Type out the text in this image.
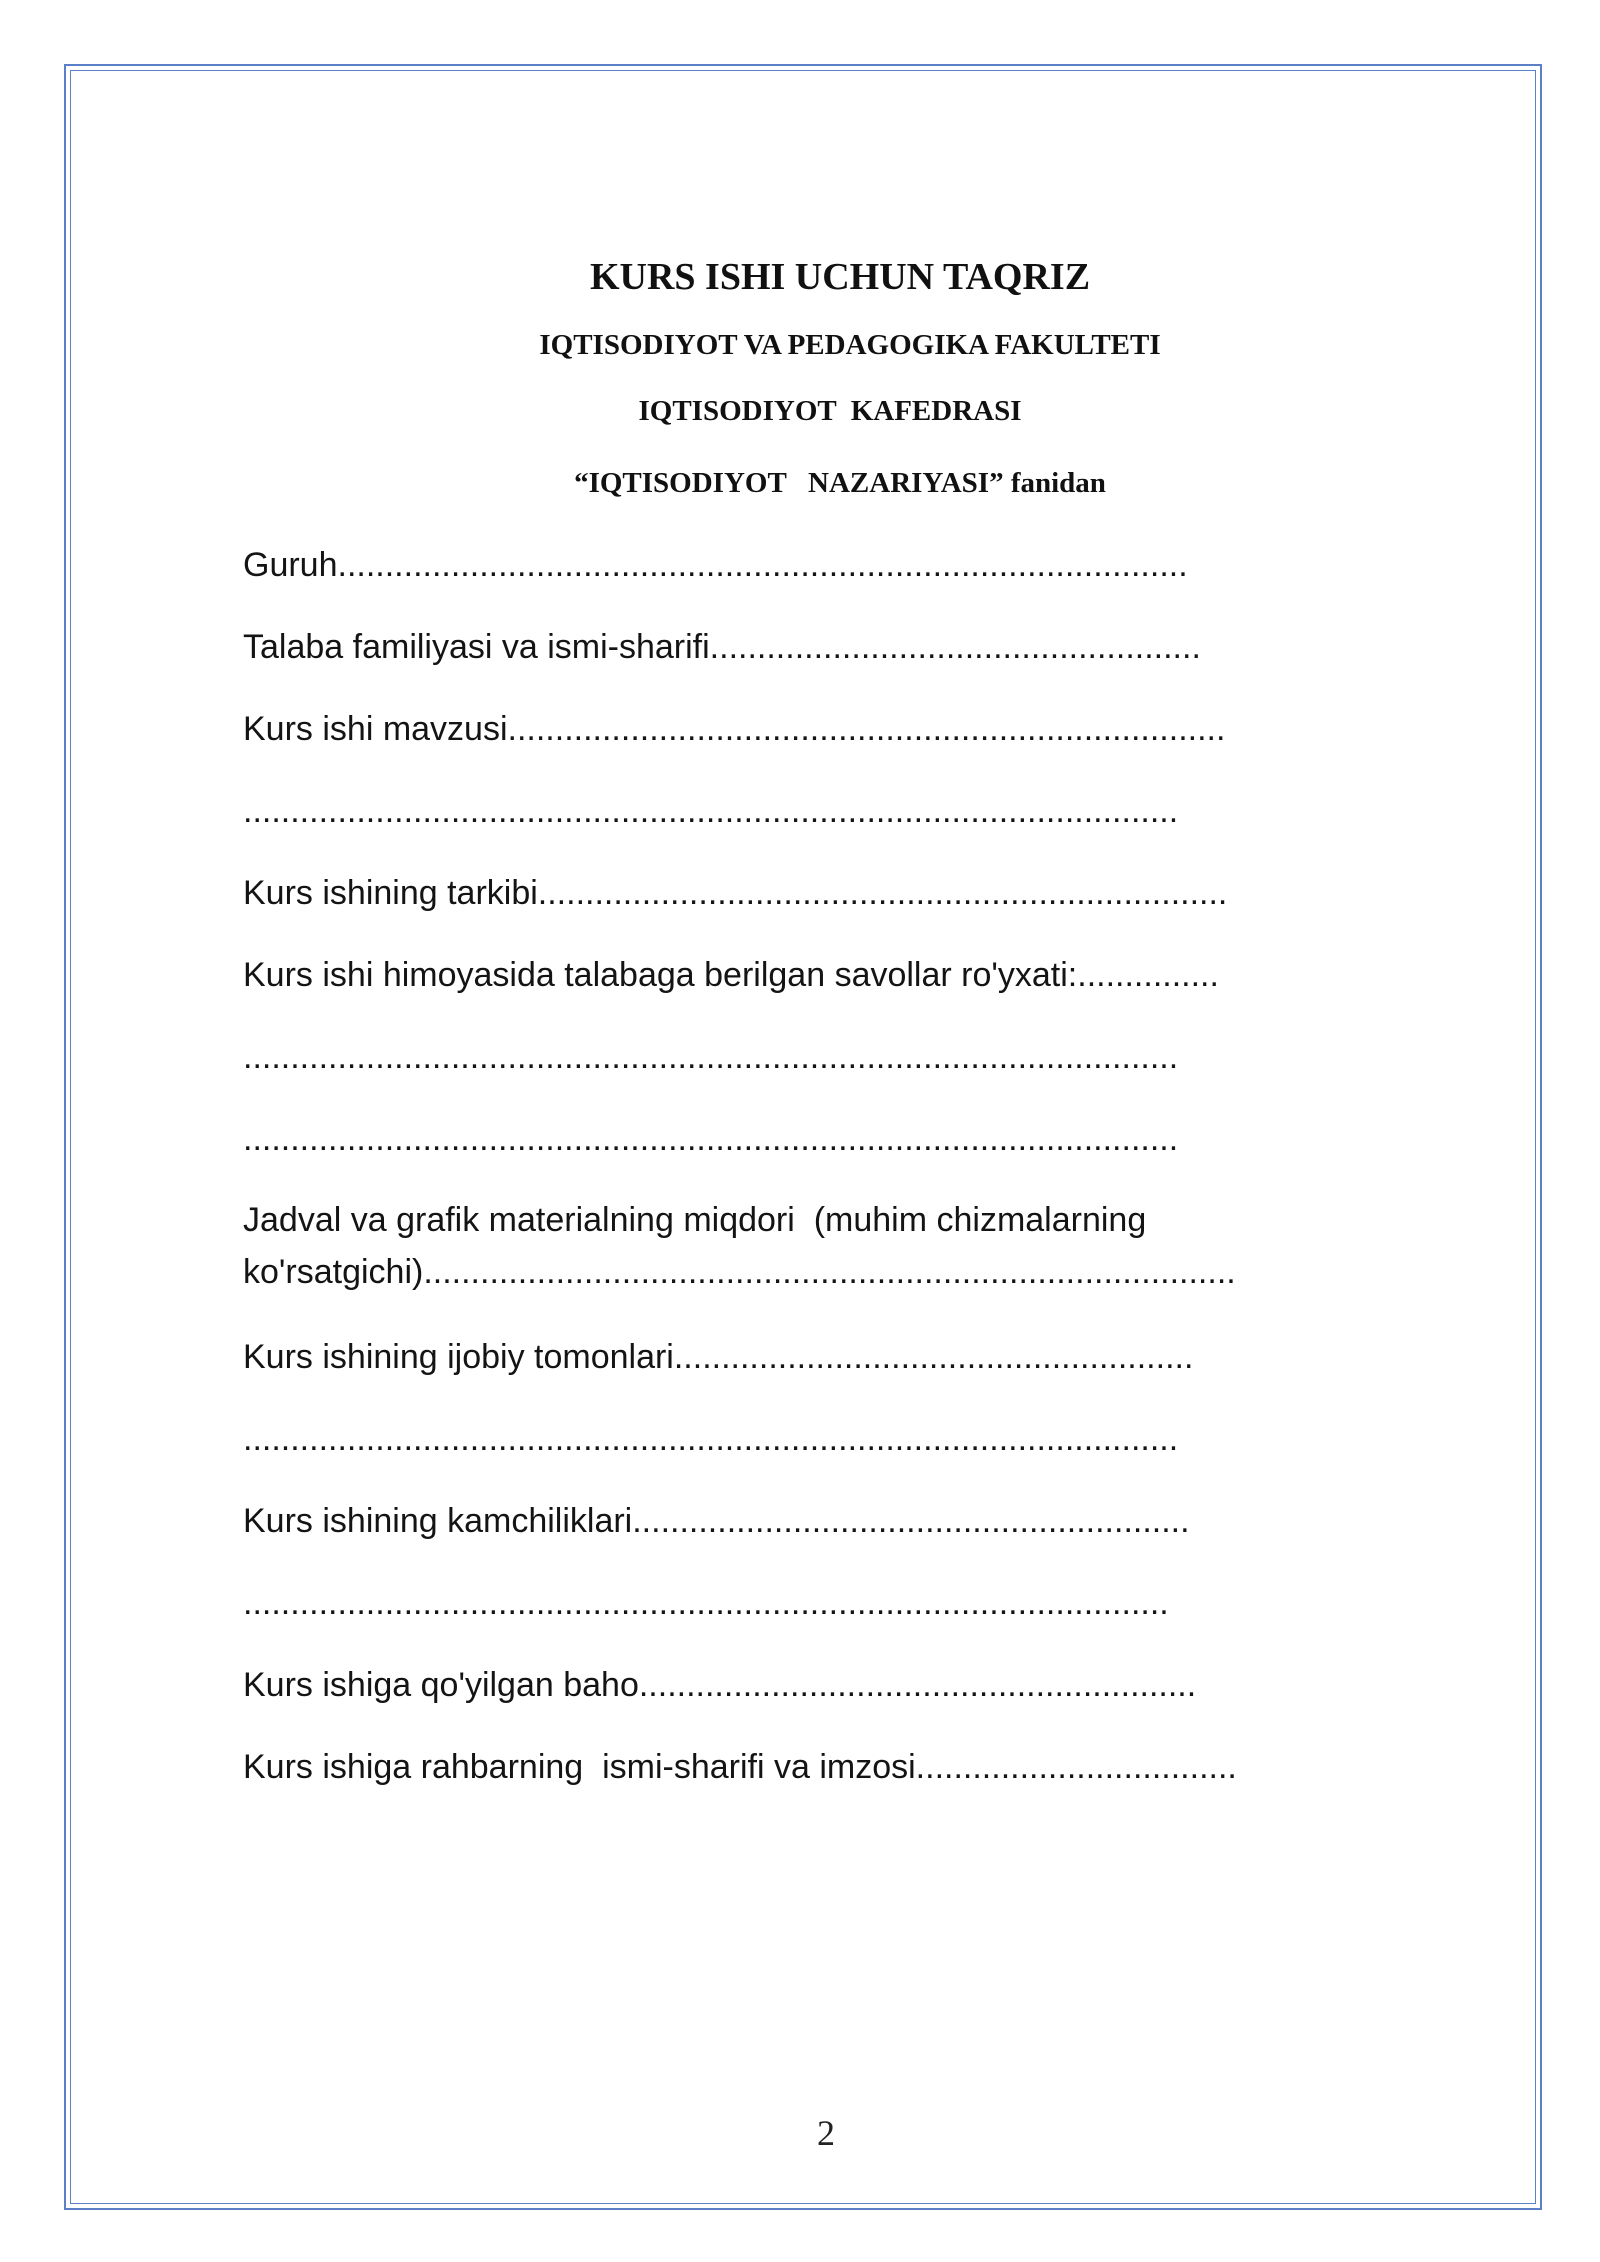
KURS ISHI UCHUN TAQRIZ
IQTISODIYOT VA PEDAGOGIKA FAKULTETI
IQTISODIYOT  KAFEDRASI
“IQTISODIYOT   NAZARIYASI” fanidan
Guruh..........................................................................................
Talaba familiyasi va ismi-sharifi....................................................
Kurs ishi mavzusi............................................................................
...................................................................................................
Kurs ishining tarkibi.........................................................................
Kurs ishi himoyasida talabaga berilgan savollar ro'yxati:...............
...................................................................................................
...................................................................................................
Jadval va grafik materialning miqdori  (muhim chizmalarning
ko'rsatgichi)......................................................................................
Kurs ishining ijobiy tomonlari.......................................................
...................................................................................................
Kurs ishining kamchiliklari...........................................................
..................................................................................................
Kurs ishiga qo'yilgan baho...........................................................
Kurs ishiga rahbarning  ismi-sharifi va imzosi..................................
2
